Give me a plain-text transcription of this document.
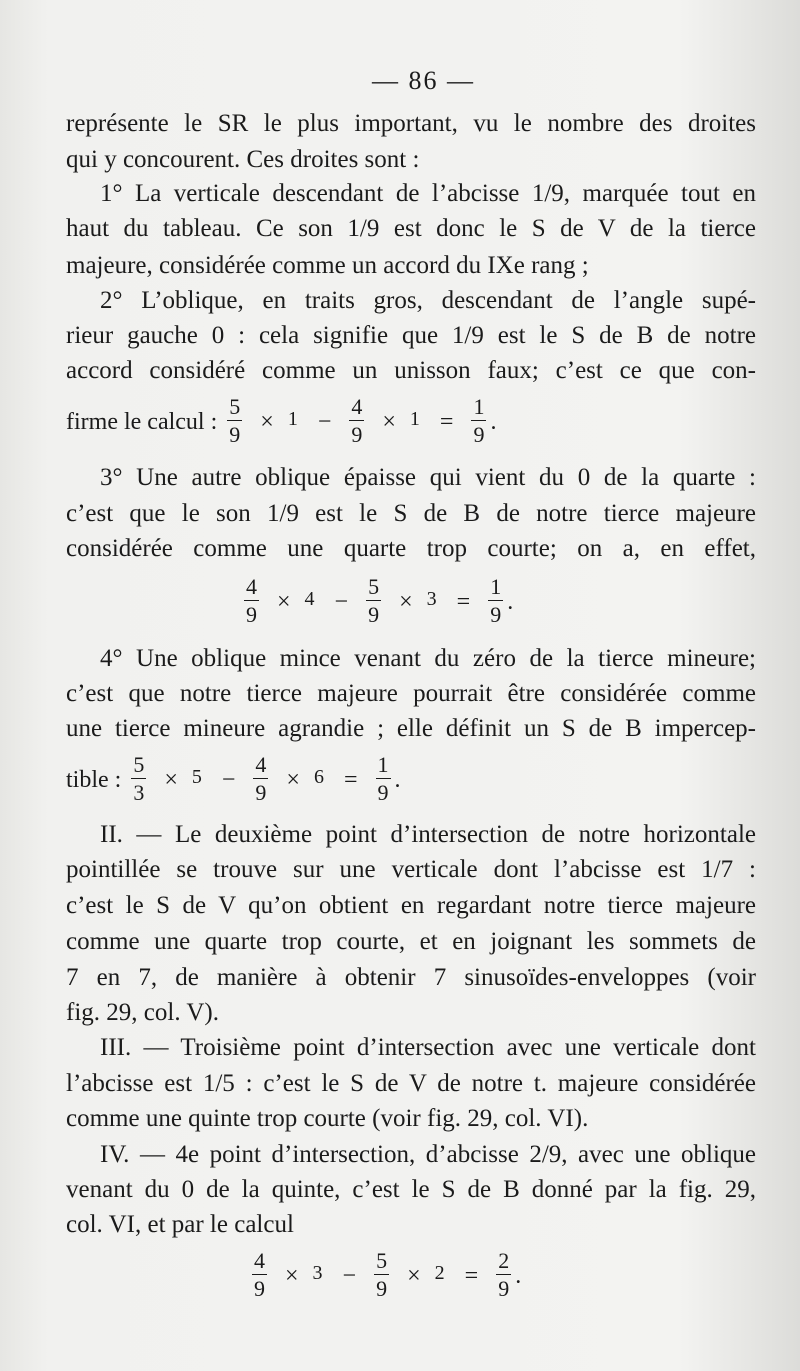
— 86 —
représente le SR le plus important, vu le nombre des droites
qui y concourent. Ces droites sont :
1° La verticale descendant de l’abcisse 1/9, marquée tout en
haut du tableau. Ce son 1/9 est donc le S de V de la tierce
majeure, considérée comme un accord du IXe rang ;
2° L’oblique, en traits gros, descendant de l’angle supé-
rieur gauche 0 : cela signifie que 1/9 est le S de B de notre
accord considéré comme un unisson faux; c’est ce que con-
firme le calcul : $\frac{5}{9} \times 1 - \frac{4}{9} \times 1 = \frac{1}{9}$ .
3° Une autre oblique épaisse qui vient du 0 de la quarte :
c’est que le son 1/9 est le S de B de notre tierce majeure
considérée comme une quarte trop courte; on a, en effet,
$\frac{4}{9} \times 4 - \frac{5}{9} \times 3 = \frac{1}{9}$ .
4° Une oblique mince venant du zéro de la tierce mineure;
c’est que notre tierce majeure pourrait être considérée comme
une tierce mineure agrandie ; elle définit un S de B impercep-
tible : $\frac{5}{3} \times 5 - \frac{4}{9} \times 6 = \frac{1}{9}$ .
II. — Le deuxième point d’intersection de notre horizontale
pointillée se trouve sur une verticale dont l’abcisse est 1/7 :
c’est le S de V qu’on obtient en regardant notre tierce majeure
comme une quarte trop courte, et en joignant les sommets de
7 en 7, de manière à obtenir 7 sinusoïdes-enveloppes (voir
fig. 29, col. V).
III. — Troisième point d’intersection avec une verticale dont
l’abcisse est 1/5 : c’est le S de V de notre t. majeure considérée
comme une quinte trop courte (voir fig. 29, col. VI).
IV. — 4e point d’intersection, d’abcisse 2/9, avec une oblique
venant du 0 de la quinte, c’est le S de B donné par la fig. 29,
col. VI, et par le calcul
$\frac{4}{9} \times 3 - \frac{5}{9} \times 2 = \frac{2}{9}$ .
